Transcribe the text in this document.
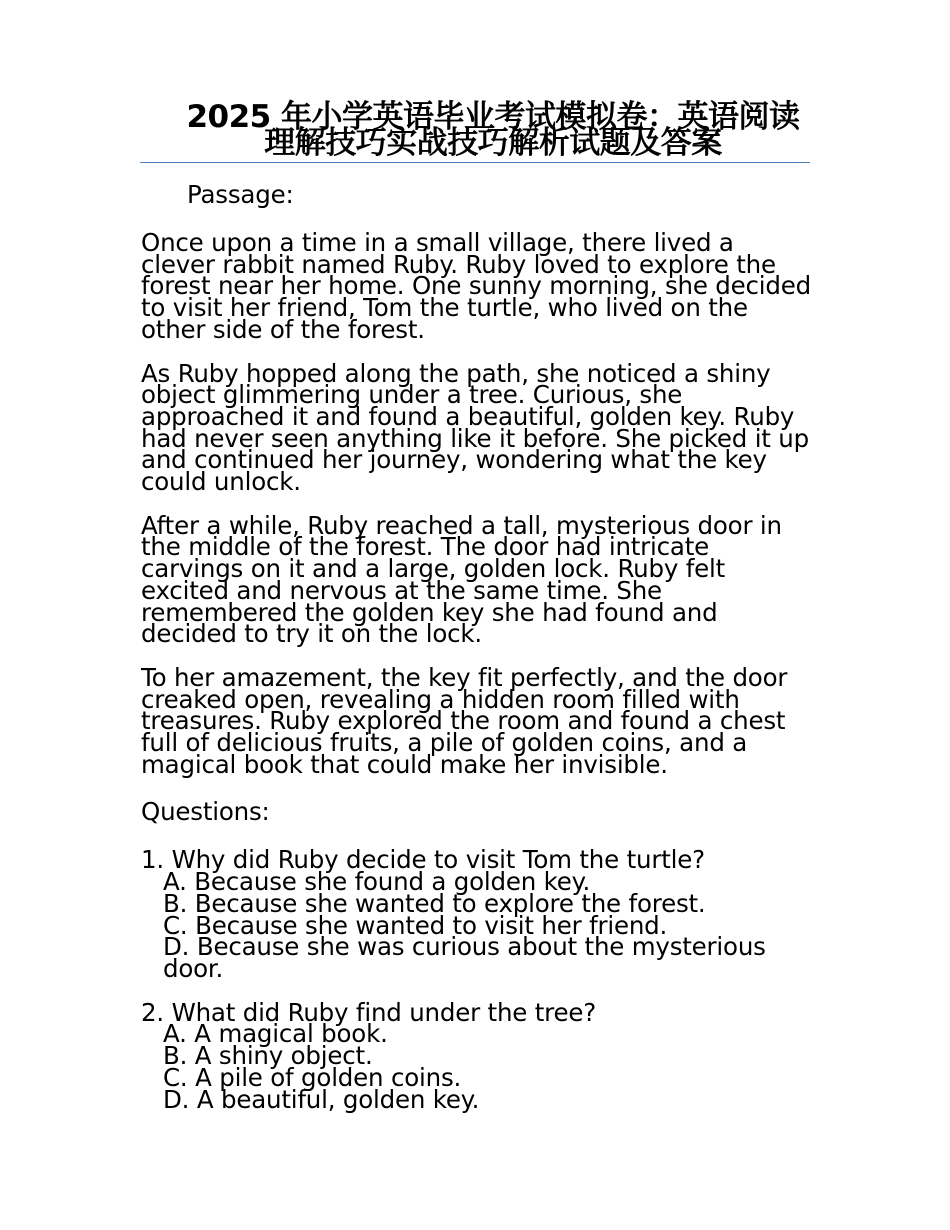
2025 年小学英语毕业考试模拟卷：英语阅读理解技巧实战技巧解析试题及答案

Passage:

Once upon a time in a small village, there lived a clever rabbit named Ruby. Ruby loved to explore the forest near her home. One sunny morning, she decided to visit her friend, Tom the turtle, who lived on the other side of the forest.

As Ruby hopped along the path, she noticed a shiny object glimmering under a tree. Curious, she approached it and found a beautiful, golden key. Ruby had never seen anything like it before. She picked it up and continued her journey, wondering what the key could unlock.

After a while, Ruby reached a tall, mysterious door in the middle of the forest. The door had intricate carvings on it and a large, golden lock. Ruby felt excited and nervous at the same time. She remembered the golden key she had found and decided to try it on the lock.

To her amazement, the key fit perfectly, and the door creaked open, revealing a hidden room filled with treasures. Ruby explored the room and found a chest full of delicious fruits, a pile of golden coins, and a magical book that could make her invisible.

Questions:

1. Why did Ruby decide to visit Tom the turtle?
A. Because she found a golden key.
B. Because she wanted to explore the forest.
C. Because she wanted to visit her friend.
D. Because she was curious about the mysterious door.
2. What did Ruby find under the tree?
A. A magical book.
B. A shiny object.
C. A pile of golden coins.
D. A beautiful, golden key.
